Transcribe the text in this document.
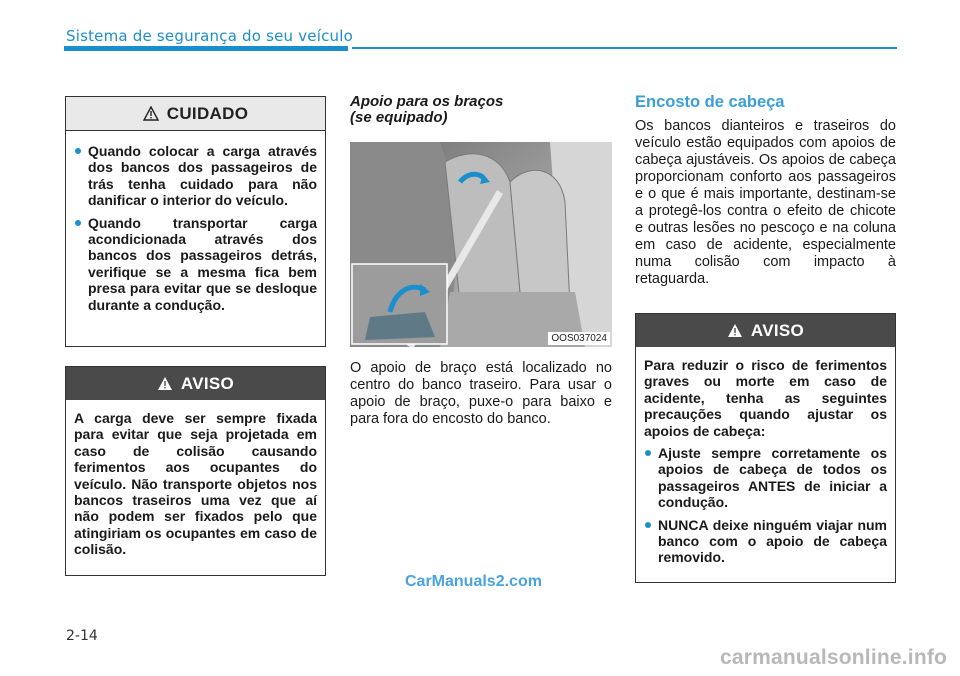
Sistema de segurança do seu veículo
CUIDADO
Quando colocar a carga através dos bancos dos passageiros de trás tenha cuidado para não danificar o interior do veículo.
Quando transportar carga acondicionada através dos bancos dos passageiros detrás, verifique se a mesma fica bem presa para evitar que se desloque durante a condução.
AVISO

A carga deve ser sempre fixada para evitar que seja projetada em caso de colisão causando ferimentos aos ocupantes do veículo. Não transporte objetos nos bancos traseiros uma vez que aí não podem ser fixados pelo que atingiriam os ocupantes em caso de colisão.

Apoio para os braços
(se equipado)
OOS037024
O apoio de braço está localizado no centro do banco traseiro. Para usar o apoio de braço, puxe-o para baixo e para fora do encosto do banco.
Encosto de cabeça
Os bancos dianteiros e traseiros do veículo estão equipados com apoios de cabeça ajustáveis. Os apoios de cabeça proporcionam conforto aos passageiros e o que é mais importante, destinam-se a protegê-los contra o efeito de chicote e outras lesões no pescoço e na coluna em caso de acidente, especialmente numa colisão com impacto à retaguarda.
AVISO

Para reduzir o risco de ferimentos graves ou morte em caso de acidente, tenha as seguintes precauções quando ajustar os apoios de cabeça:

Ajuste sempre corretamente os apoios de cabeça de todos os passageiros ANTES de iniciar a condução.
NUNCA deixe ninguém viajar num banco com o apoio de cabeça removido.
CarManuals2.com
2-14
carmanualsonline.info
